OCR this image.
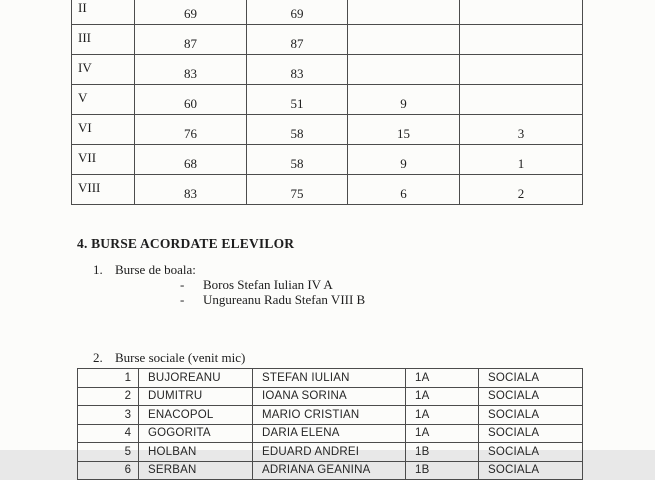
II	69	69		
III	87	87		
IV	83	83		
V	60	51	9	
VI	76	58	15	3
VII	68	58	9	1
VIII	83	75	6	2
4. BURSE ACORDATE ELEVILOR
1. Burse de boala:
- Boros Stefan Iulian IV A
- Ungureanu Radu Stefan VIII B
2. Burse sociale (venit mic)
1	BUJOREANU	STEFAN IULIAN	1A	SOCIALA
2	DUMITRU	IOANA SORINA	1A	SOCIALA
3	ENACOPOL	MARIO CRISTIAN	1A	SOCIALA
4	GOGORITA	DARIA ELENA	1A	SOCIALA
5	HOLBAN	EDUARD ANDREI	1B	SOCIALA
6	SERBAN	ADRIANA GEANINA	1B	SOCIALA
